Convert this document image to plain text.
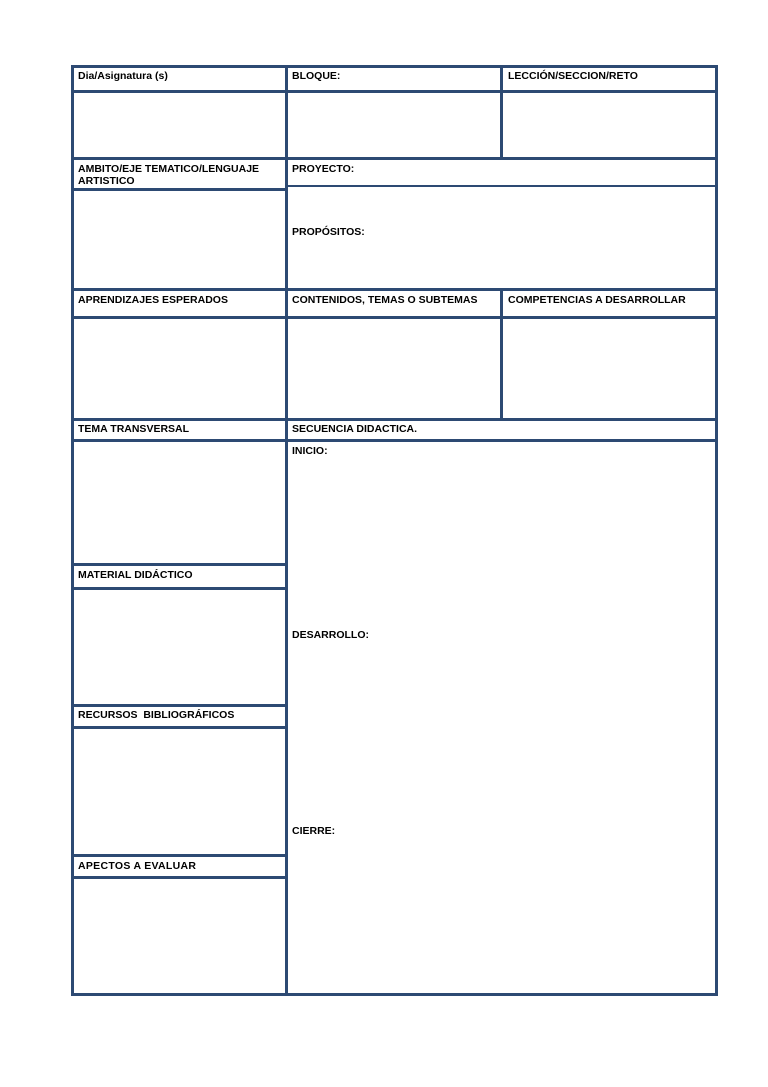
Dia/Asignatura (s)	BLOQUE:	LECCIÓN/SECCION/RETO
AMBITO/EJE TEMATICO/LENGUAJE ARTISTICO
PROYECTO:
PROPÓSITOS:
APRENDIZAJES ESPERADOS	CONTENIDOS, TEMAS O SUBTEMAS	COMPETENCIAS A DESARROLLAR
TEMA TRANSVERSAL	SECUENCIA DIDACTICA.
INICIO:
MATERIAL DIDÁCTICO
DESARROLLO:
RECURSOS  BIBLIOGRÁFICOS
CIERRE:
APECTOS A EVALUAR
